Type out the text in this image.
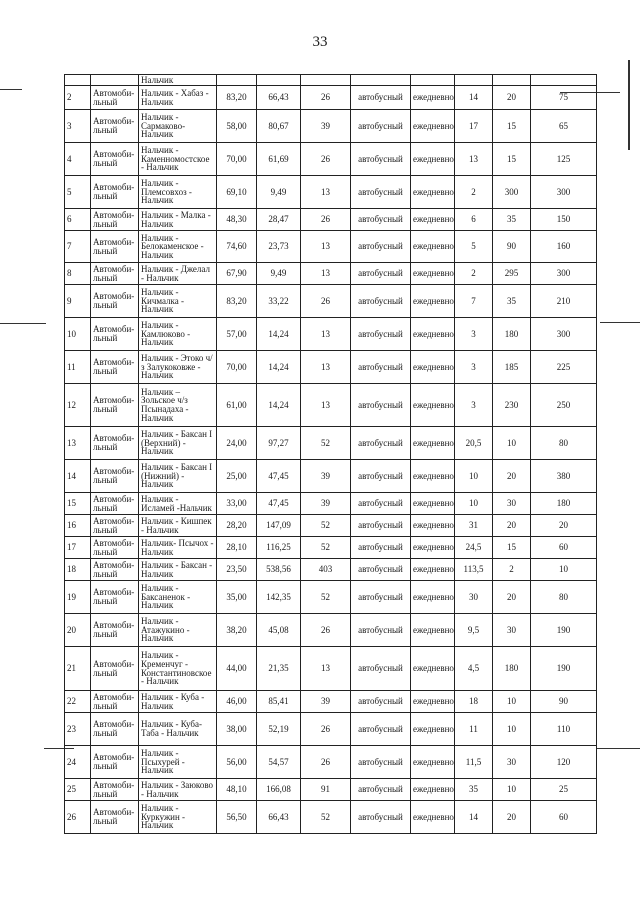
33
		Нальчик								
2	Автомоби-льный	Нальчик - Хабаз - Нальчик	83,20	66,43	26	автобусный	ежедневно	14	20	75
3	Автомоби-льный	Нальчик - Сармаково- Нальчик	58,00	80,67	39	автобусный	ежедневно	17	15	65
4	Автомоби-льный	Нальчик - Каменномостское - Нальчик	70,00	61,69	26	автобусный	ежедневно	13	15	125
5	Автомоби-льный	Нальчик - Племсовхоз - Нальчик	69,10	9,49	13	автобусный	ежедневно	2	300	300
6	Автомоби-льный	Нальчик - Малка - Нальчик	48,30	28,47	26	автобусный	ежедневно	6	35	150
7	Автомоби-льный	Нальчик - Белокаменское - Нальчик	74,60	23,73	13	автобусный	ежедневно	5	90	160
8	Автомоби-льный	Нальчик - Джелал - Нальчик	67,90	9,49	13	автобусный	ежедневно	2	295	300
9	Автомоби-льный	Нальчик - Кичмалка - Нальчик	83,20	33,22	26	автобусный	ежедневно	7	35	210
10	Автомоби-льный	Нальчик - Камлюково - Нальчик	57,00	14,24	13	автобусный	ежедневно	3	180	300
11	Автомоби-льный	Нальчик - Этоко ч/з Залукоковже - Нальчик	70,00	14,24	13	автобусный	ежедневно	3	185	225
12	Автомоби-льный	Нальчик – Зольское ч/з Псынадаха - Нальчик	61,00	14,24	13	автобусный	ежедневно	3	230	250
13	Автомоби-льный	Нальчик - Баксан I (Верхний) - Нальчик	24,00	97,27	52	автобусный	ежедневно	20,5	10	80
14	Автомоби-льный	Нальчик - Баксан I (Нижний) - Нальчик	25,00	47,45	39	автобусный	ежедневно	10	20	380
15	Автомоби-льный	Нальчик - Исламей -Нальчик	33,00	47,45	39	автобусный	ежедневно	10	30	180
16	Автомоби-льный	Нальчик - Кишпек - Нальчик	28,20	147,09	52	автобусный	ежедневно	31	20	20
17	Автомоби-льный	Нальчик- Псычох - Нальчик	28,10	116,25	52	автобусный	ежедневно	24,5	15	60
18	Автомоби-льный	Нальчик - Баксан - Нальчик	23,50	538,56	403	автобусный	ежедневно	113,5	2	10
19	Автомоби-льный	Нальчик - Баксаненок - Нальчик	35,00	142,35	52	автобусный	ежедневно	30	20	80
20	Автомоби-льный	Нальчик - Атажукино - Нальчик	38,20	45,08	26	автобусный	ежедневно	9,5	30	190
21	Автомоби-льный	Нальчик - Кременчуг - Константиновское - Нальчик	44,00	21,35	13	автобусный	ежедневно	4,5	180	190
22	Автомоби-льный	Нальчик - Куба - Нальчик	46,00	85,41	39	автобусный	ежедневно	18	10	90
23	Автомоби-льный	Нальчик - Куба-Таба - Нальчик	38,00	52,19	26	автобусный	ежедневно	11	10	110
24	Автомоби-льный	Нальчик - Псыхурей - Нальчик	56,00	54,57	26	автобусный	ежедневно	11,5	30	120
25	Автомоби-льный	Нальчик - Заюково - Нальчик	48,10	166,08	91	автобусный	ежедневно	35	10	25
26	Автомоби-льный	Нальчик - Куркужин - Нальчик	56,50	66,43	52	автобусный	ежедневно	14	20	60
